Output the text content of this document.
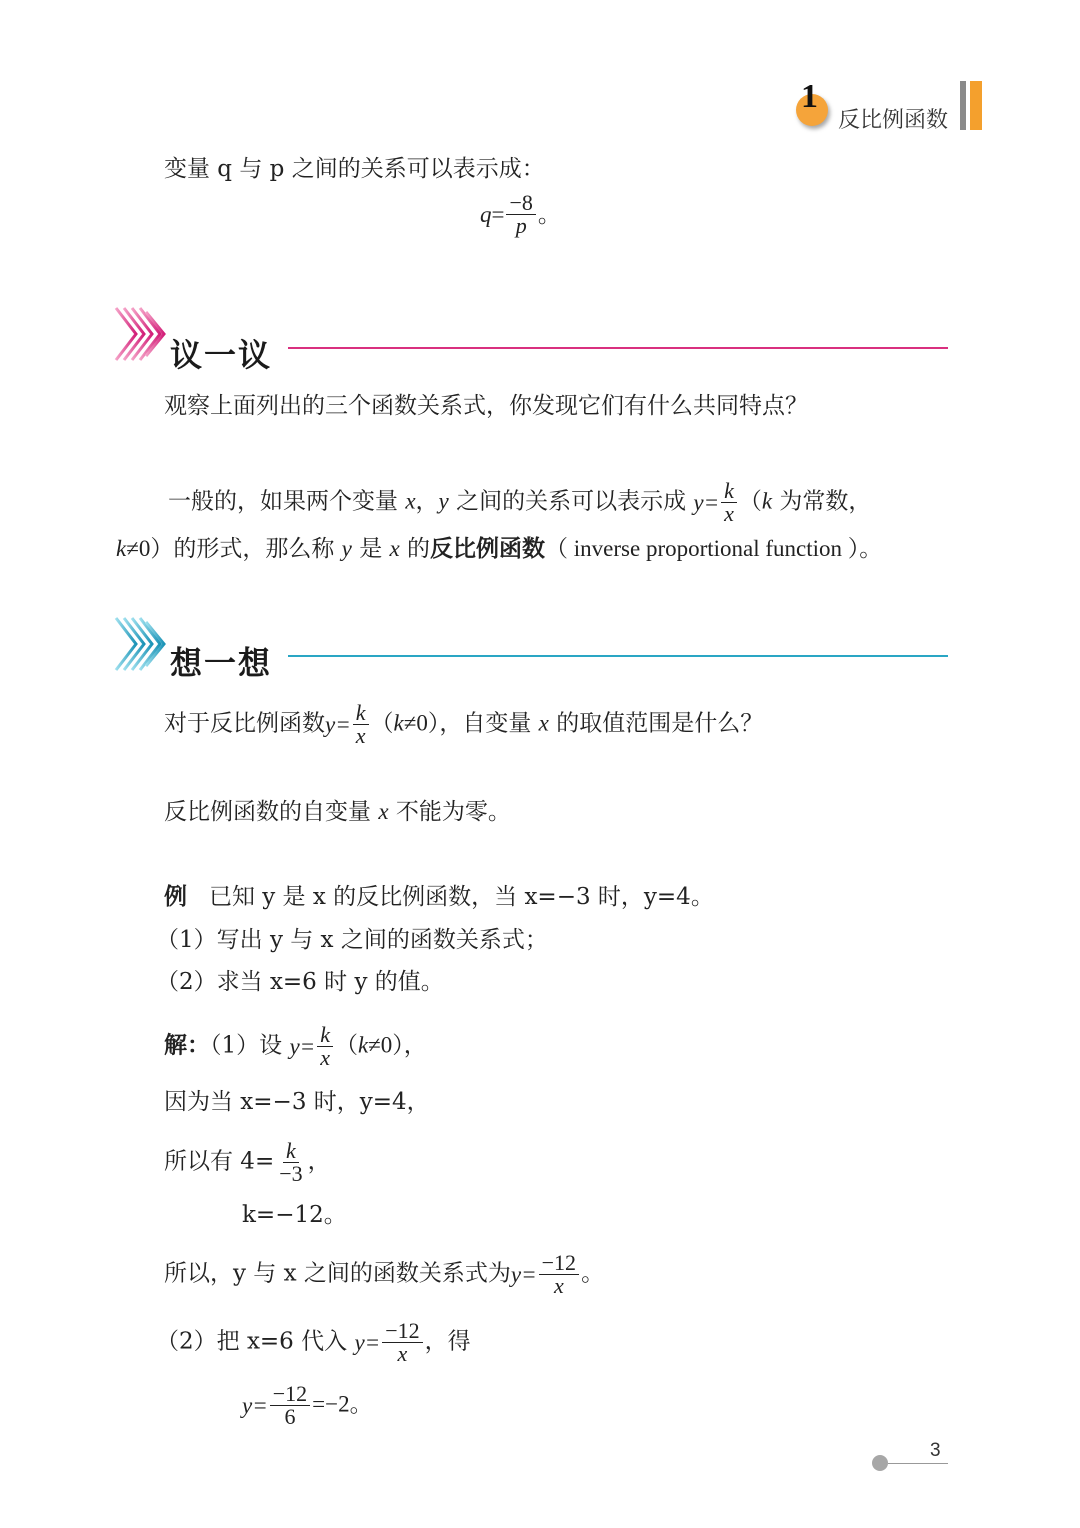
1
反比例函数
变量 q 与 p 之间的关系可以表示成：
$q= \frac{-8}{p}$ 。
议一议
观察上面列出的三个函数关系式，你发现它们有什么共同特点？
一般的，如果两个变量 x，y 之间的关系可以表示成 $y= \frac{k}{x} (k$ 为常数，
k≠0）的形式，那么称 y 是 x 的反比例函数（ inverse proportional function ）。
想一想
对于反比例函数$y= \frac{k}{x} (k\ne 0)$，自变量 x 的取值范围是什么？
反比例函数的自变量 x 不能为零。
例 已知 y 是 x 的反比例函数，当 x=−3 时，y=4。
（1）写出 y 与 x 之间的函数关系式；
（2）求当 x=6 时 y 的值。
解：（1）设 $y= \frac{k}{x} (k\ne 0)$，
因为当 x=−3 时，y=4，
所以有 $4= \frac{k}{-3}$ ，
k=−12。
所以，y 与 x 之间的函数关系式为$y= \frac{-12}{x}$ 。
（2）把 x=6 代入 $y= \frac{-12}{x}$ ，得
$y= \frac{-12}{6} =-2$。
3
